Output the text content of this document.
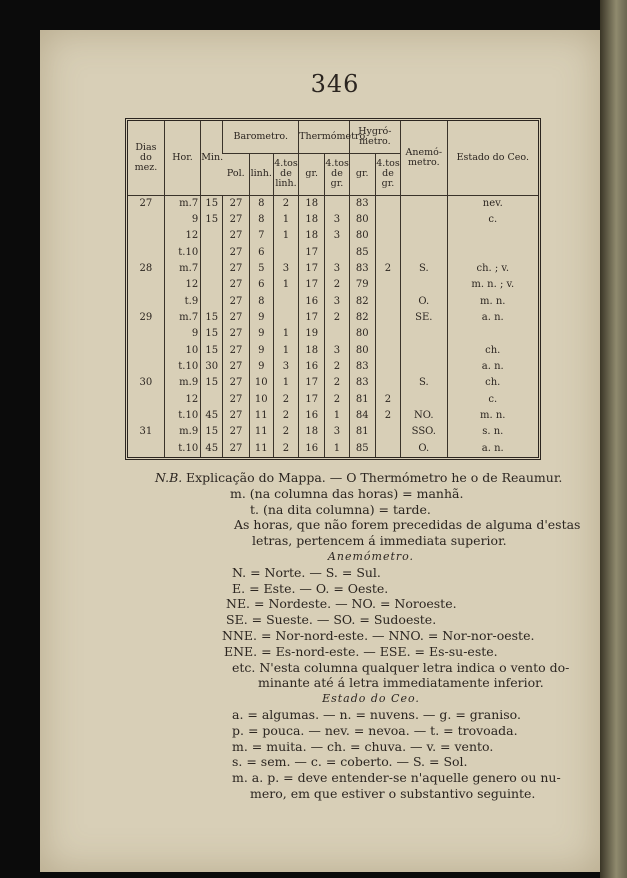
346
Dias do mez.	Hor.	Min.	Barometro.			Thermómetro.		Hygró-metro.		Anemó-metro.	Estado do Ceo.
			Pol.	linh.	4.tos de linh.	gr.	4.tos de gr.	gr.	4.tos de gr.		
27	m.7	15	27	8	2	18		83			nev.
	9	15	27	8	1	18	3	80			c.
	12		27	7	1	18	3	80			
	t.10		27	6		17		85			
28	m.7		27	5	3	17	3	83	2	S.	ch. ; v.
	12		27	6	1	17	2	79			m. n. ; v.
	t.9		27	8		16	3	82		O.	m. n.
29	m.7	15	27	9		17	2	82		SE.	a. n.
	9	15	27	9	1	19		80			
	10	15	27	9	1	18	3	80			ch.
	t.10	30	27	9	3	16	2	83			a. n.
30	m.9	15	27	10	1	17	2	83		S.	ch.
	12		27	10	2	17	2	81	2		c.
	t.10	45	27	11	2	16	1	84	2	NO.	m. n.
31	m.9	15	27	11	2	18	3	81		SSO.	s. n.
	t.10	45	27	11	2	16	1	85		O.	a. n.
N.B. Explicação do Mappa. — O Thermómetro he o de Reaumur.
m. (na columna das horas) = manhã.
t. (na dita columna) = tarde.
As horas, que não forem precedidas de alguma d'estas
letras, pertencem á immediata superior.
Anemómetro.
N. = Norte. — S. = Sul.
E. = Este. — O. = Oeste.
NE. = Nordeste. — NO. = Noroeste.
SE. = Sueste. — SO. = Sudoeste.
NNE. = Nor-nord-este. — NNO. = Nor-nor-oeste.
ENE. = Es-nord-este. — ESE. = Es-su-este.
etc. N'esta columna qualquer letra indica o vento do-
minante até á letra immediatamente inferior.
Estado do Ceo.
a. = algumas. — n. = nuvens. — g. = graniso.
p. = pouca. — nev. = nevoa. — t. = trovoada.
m. = muita. — ch. = chuva. — v. = vento.
s. = sem. — c. = coberto. — S. = Sol.
m. a. p. = deve entender-se n'aquelle genero ou nu-
mero, em que estiver o substantivo seguinte.
